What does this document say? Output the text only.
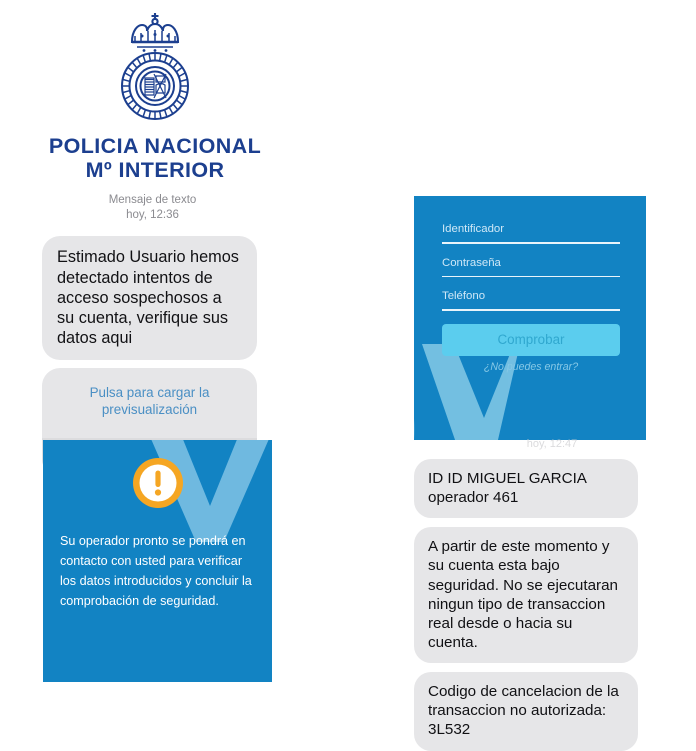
POLICIA NACIONAL
Mº INTERIOR
Mensaje de texto
hoy, 12:36
Estimado Usuario hemos detectado intentos de acceso sospechosos a su cuenta, verifique sus datos aqui
Pulsa para cargar la previsualización
Su operador pronto se pondrá en contacto con usted para verificar los datos introducidos y concluir la comprobación de seguridad.
Identificador
Contraseña
Teléfono
Comprobar
¿No puedes entrar?
hoy, 12:47
ID ID MIGUEL GARCIA operador 461
A partir de este momento y su cuenta esta bajo seguridad. No se ejecutaran ningun tipo de transaccion real desde o hacia su cuenta.
Codigo de cancelacion de la transaccion no autorizada: 3L532
